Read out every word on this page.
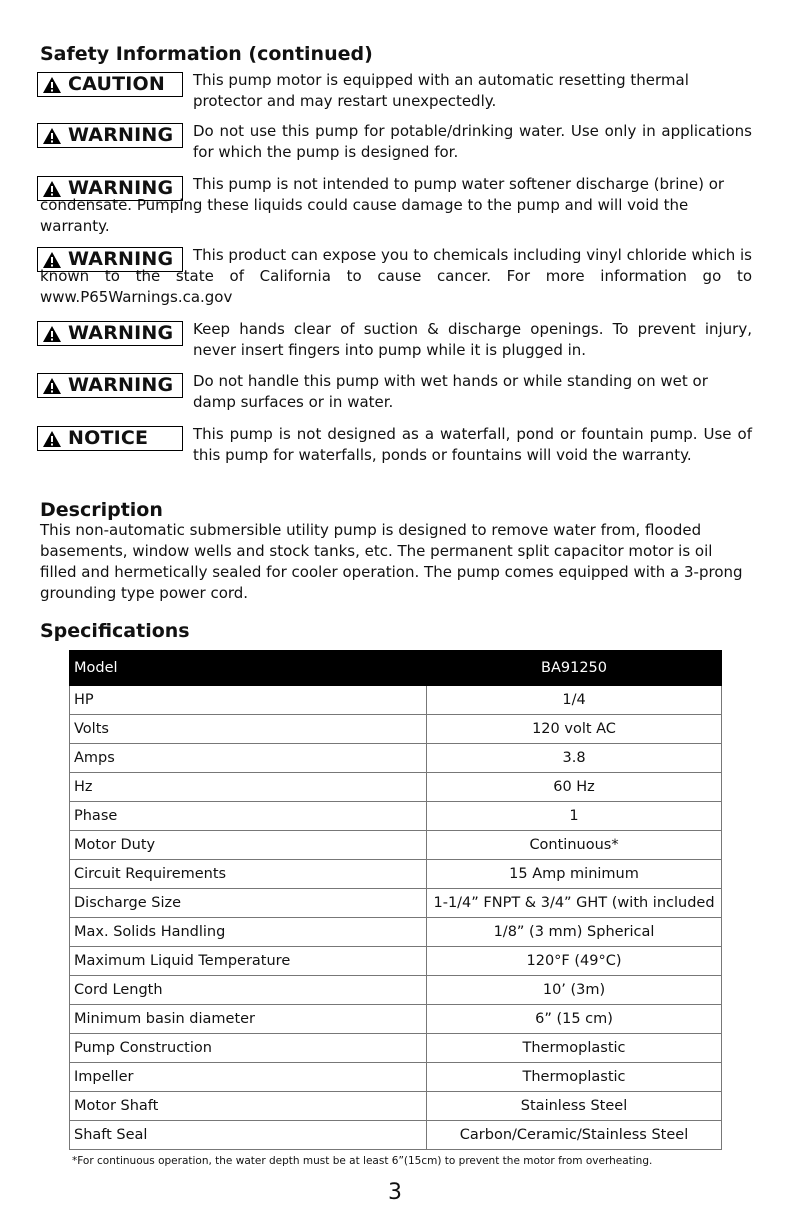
Safety Information (continued)
CAUTION This pump motor is equipped with an automatic resetting thermal protector and may restart unexpectedly.
WARNING Do not use this pump for potable/drinking water. Use only in applications for which the pump is designed for.
WARNING	This pump is not intended to pump water softener discharge (brine) or condensate. Pumping these liquids could cause damage to the pump and will void the warranty.
WARNING	This product can expose you to chemicals including vinyl chloride which is known to the state of California to cause cancer. For more information go to www.P65Warnings.ca.gov
WARNING Keep hands clear of suction & discharge openings. To prevent injury, never insert fingers into pump while it is plugged in.
WARNING Do not handle this pump with wet hands or while standing on wet or damp surfaces or in water.
NOTICE	This pump is not designed as a waterfall, pond or fountain pump. Use of this pump for waterfalls, ponds or fountains will void the warranty.
Description
This non-automatic submersible utility pump is designed to remove water from, flooded basements, window wells and stock tanks, etc. The permanent split capacitor motor is oil filled and hermetically sealed for cooler operation. The pump comes equipped with a 3-prong grounding type power cord.
Specifications
Model	BA91250
HP	1/4
Volts	120 volt AC
Amps	3.8
Hz	60 Hz
Phase	1
Motor Duty	Continuous*
Circuit Requirements	15 Amp minimum
Discharge Size	1-1/4” FNPT & 3/4” GHT (with included
Max. Solids Handling	1/8” (3 mm) Spherical
Maximum Liquid Temperature	120°F (49°C)
Cord Length	10’ (3m)
Minimum basin diameter	6” (15 cm)
Pump Construction	Thermoplastic
Impeller	Thermoplastic
Motor Shaft	Stainless Steel
Shaft Seal	Carbon/Ceramic/Stainless Steel
*For continuous operation, the water depth must be at least 6”(15cm) to prevent the motor from overheating.
3
